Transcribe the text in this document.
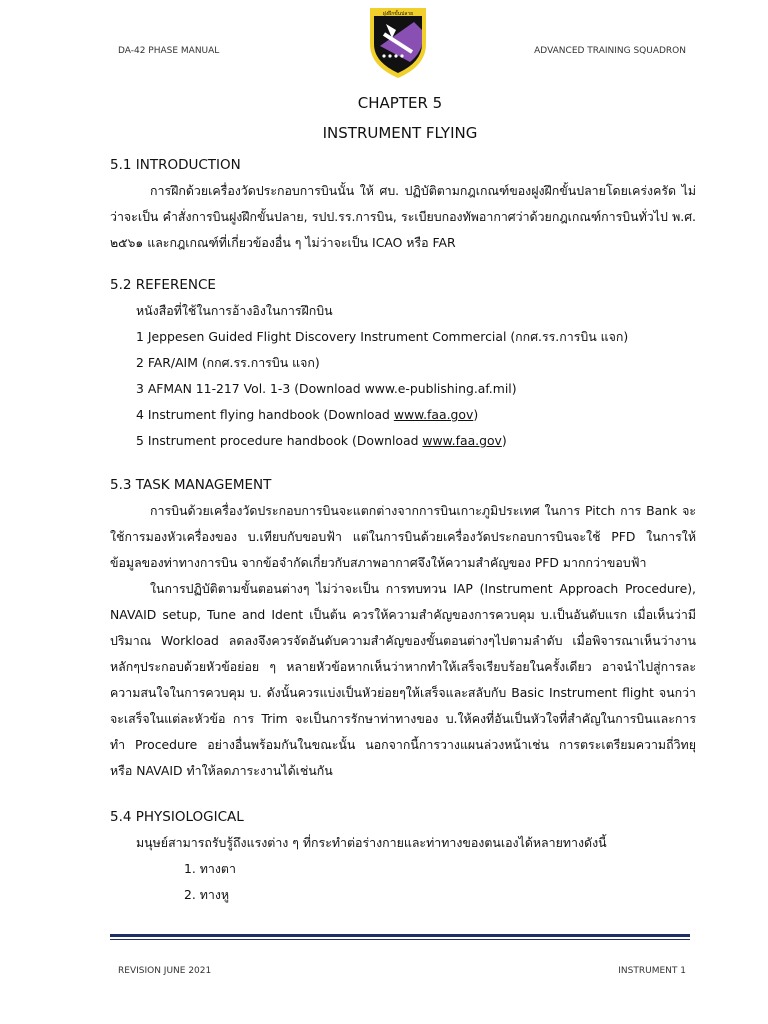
DA-42 PHASE MANUAL
ฝูงฝึกขั้นปลาย
ADVANCED TRAINING SQUADRON
CHAPTER 5
INSTRUMENT FLYING
5.1 INTRODUCTION

การฝึกด้วยเครื่องวัดประกอบการบินนั้น ให้ ศบ. ปฏิบัติตามกฎเกณฑ์ของฝูงฝึกขั้นปลายโดยเคร่งครัด ไม่ว่าจะเป็น คำสั่งการบินฝูงฝึกขั้นปลาย, รปป.รร.การบิน, ระเบียบกองทัพอากาศว่าด้วยกฎเกณฑ์การบินทั่วไป พ.ศ. ๒๕๖๑ และกฎเกณฑ์ที่เกี่ยวข้องอื่น ๆ ไม่ว่าจะเป็น ICAO หรือ FAR

5.2 REFERENCE

หนังสือที่ใช้ในการอ้างอิงในการฝึกบิน

1 Jeppesen Guided Flight Discovery Instrument Commercial (กกศ.รร.การบิน แจก)

2 FAR/AIM (กกศ.รร.การบิน แจก)

3 AFMAN 11-217 Vol. 1-3 (Download www.e-publishing.af.mil)

4 Instrument flying handbook (Download www.faa.gov)

5 Instrument procedure handbook (Download www.faa.gov)

5.3 TASK MANAGEMENT

การบินด้วยเครื่องวัดประกอบการบินจะแตกต่างจากการบินเกาะภูมิประเทศ ในการ Pitch การ Bank จะใช้การมองหัวเครื่องของ บ.เทียบกับขอบฟ้า แต่ในการบินด้วยเครื่องวัดประกอบการบินจะใช้ PFD ในการให้ข้อมูลของท่าทางการบิน จากข้อจำกัดเกี่ยวกับสภาพอากาศจึงให้ความสำคัญของ PFD มากกว่าขอบฟ้า

ในการปฏิบัติตามขั้นตอนต่างๆ ไม่ว่าจะเป็น การทบทวน IAP (Instrument Approach Procedure), NAVAID setup, Tune and Ident เป็นต้น ควรให้ความสำคัญของการควบคุม บ.เป็นอันดับแรก เมื่อเห็นว่ามีปริมาณ Workload ลดลงจึงควรจัดอันดับความสำคัญของขั้นตอนต่างๆไปตามลำดับ เมื่อพิจารณาเห็นว่างานหลักๆประกอบด้วยหัวข้อย่อย ๆ หลายหัวข้อหากเห็นว่าหากทำให้เสร็จเรียบร้อยในครั้งเดียว อาจนำไปสู่การละความสนใจในการควบคุม บ. ดังนั้นควรแบ่งเป็นหัวย่อยๆให้เสร็จและสลับกับ Basic Instrument flight จนกว่าจะเสร็จในแต่ละหัวข้อ การ Trim จะเป็นการรักษาท่าทางของ บ.ให้คงที่อันเป็นหัวใจที่สำคัญในการบินและการทำ Procedure อย่างอื่นพร้อมกันในขณะนั้น นอกจากนี้การวางแผนล่วงหน้าเช่น การตระเตรียมความถี่วิทยุ หรือ NAVAID ทำให้ลดภาระงานได้เช่นกัน

5.4 PHYSIOLOGICAL

มนุษย์สามารถรับรู้ถึงแรงต่าง ๆ ที่กระทำต่อร่างกายและท่าทางของตนเองได้หลายทางดังนี้

1. ทางตา

2. ทางหู

REVISION JUNE 2021	INSTRUMENT 1
